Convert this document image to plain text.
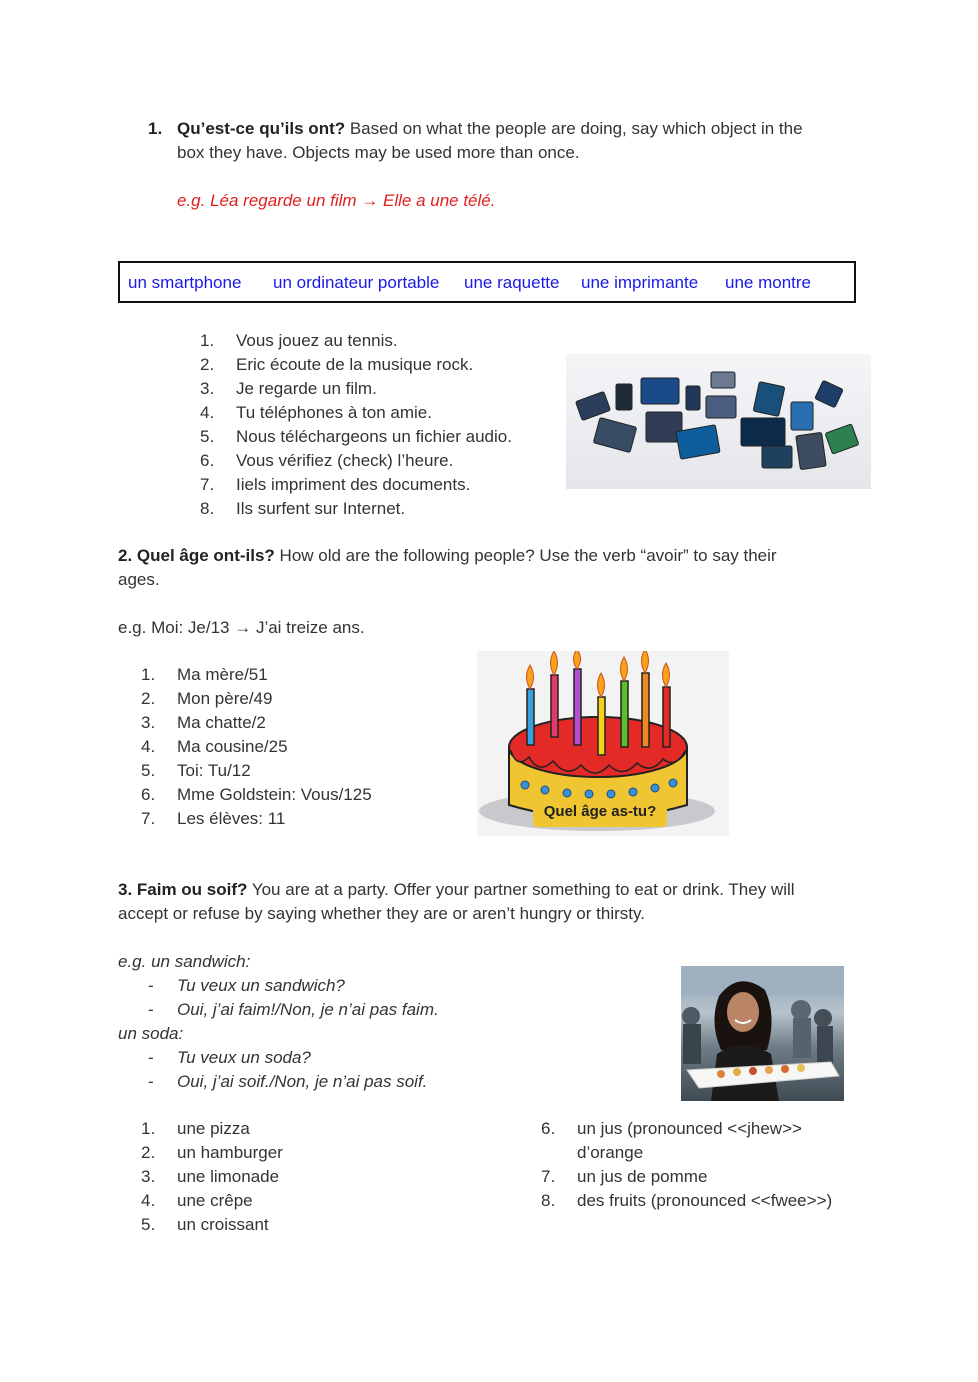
1. Qu’est-ce qu’ils ont? Based on what the people are doing, say which object in the
box they have. Objects may be used more than once.
e.g. Léa regarde un film → Elle a une télé.
un smartphone un ordinateur portable une raquette une imprimante une montre
1. Vous jouez au tennis.
2. Eric écoute de la musique rock.
3. Je regarde un film.
4. Tu téléphones à ton amie.
5. Nous téléchargeons un fichier audio.
6. Vous vérifiez (check) l’heure.
7. Iiels impriment des documents.
8. Ils surfent sur Internet.
2. Quel âge ont-ils? How old are the following people? Use the verb “avoir” to say their
ages.
e.g. Moi: Je/13 → J’ai treize ans.
1. Ma mère/51
2. Mon père/49
3. Ma chatte/2
4. Ma cousine/25
5. Toi: Tu/12
6. Mme Goldstein: Vous/125
7. Les élèves: 11	Quel âge as-tu?
3. Faim ou soif? You are at a party. Offer your partner something to eat or drink. They will
accept or refuse by saying whether they are or aren’t hungry or thirsty.
e.g. un sandwich:
- Tu veux un sandwich?
- Oui, j’ai faim!/Non, je n’ai pas faim.
un soda:
- Tu veux un soda?
- Oui, j’ai soif./Non, je n’ai pas soif.
1. une pizza
2. un hamburger
3. une limonade
4. une crêpe
5. un croissant
6. un jus (pronounced <<jhew>>
d’orange
7. un jus de pomme
8. des fruits (pronounced <<fwee>>)
